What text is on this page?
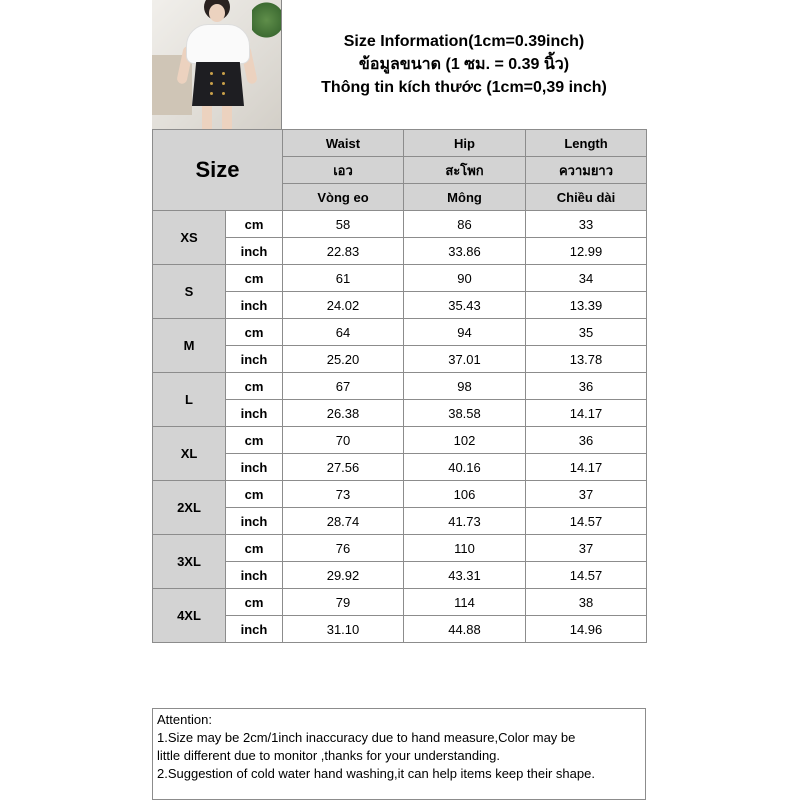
Size Information(1cm=0.39inch)
ข้อมูลขนาด (1 ซม. = 0.39 นิ้ว)
Thông tin kích thước (1cm=0,39 inch)
Size		Waist	Hip	Length
		เอว	สะโพก	ความยาว
		Vòng eo	Mông	Chiều dài
XS	cm	58	86	33
	inch	22.83	33.86	12.99
S	cm	61	90	34
	inch	24.02	35.43	13.39
M	cm	64	94	35
	inch	25.20	37.01	13.78
L	cm	67	98	36
	inch	26.38	38.58	14.17
XL	cm	70	102	36
	inch	27.56	40.16	14.17
2XL	cm	73	106	37
	inch	28.74	41.73	14.57
3XL	cm	76	110	37
	inch	29.92	43.31	14.57
4XL	cm	79	114	38
	inch	31.10	44.88	14.96

Attention:

1.Size may be 2cm/1inch inaccuracy due to hand measure,Color may be

little different due to monitor ,thanks for your understanding.

2.Suggestion of cold water hand washing,it can help items keep their shape.
